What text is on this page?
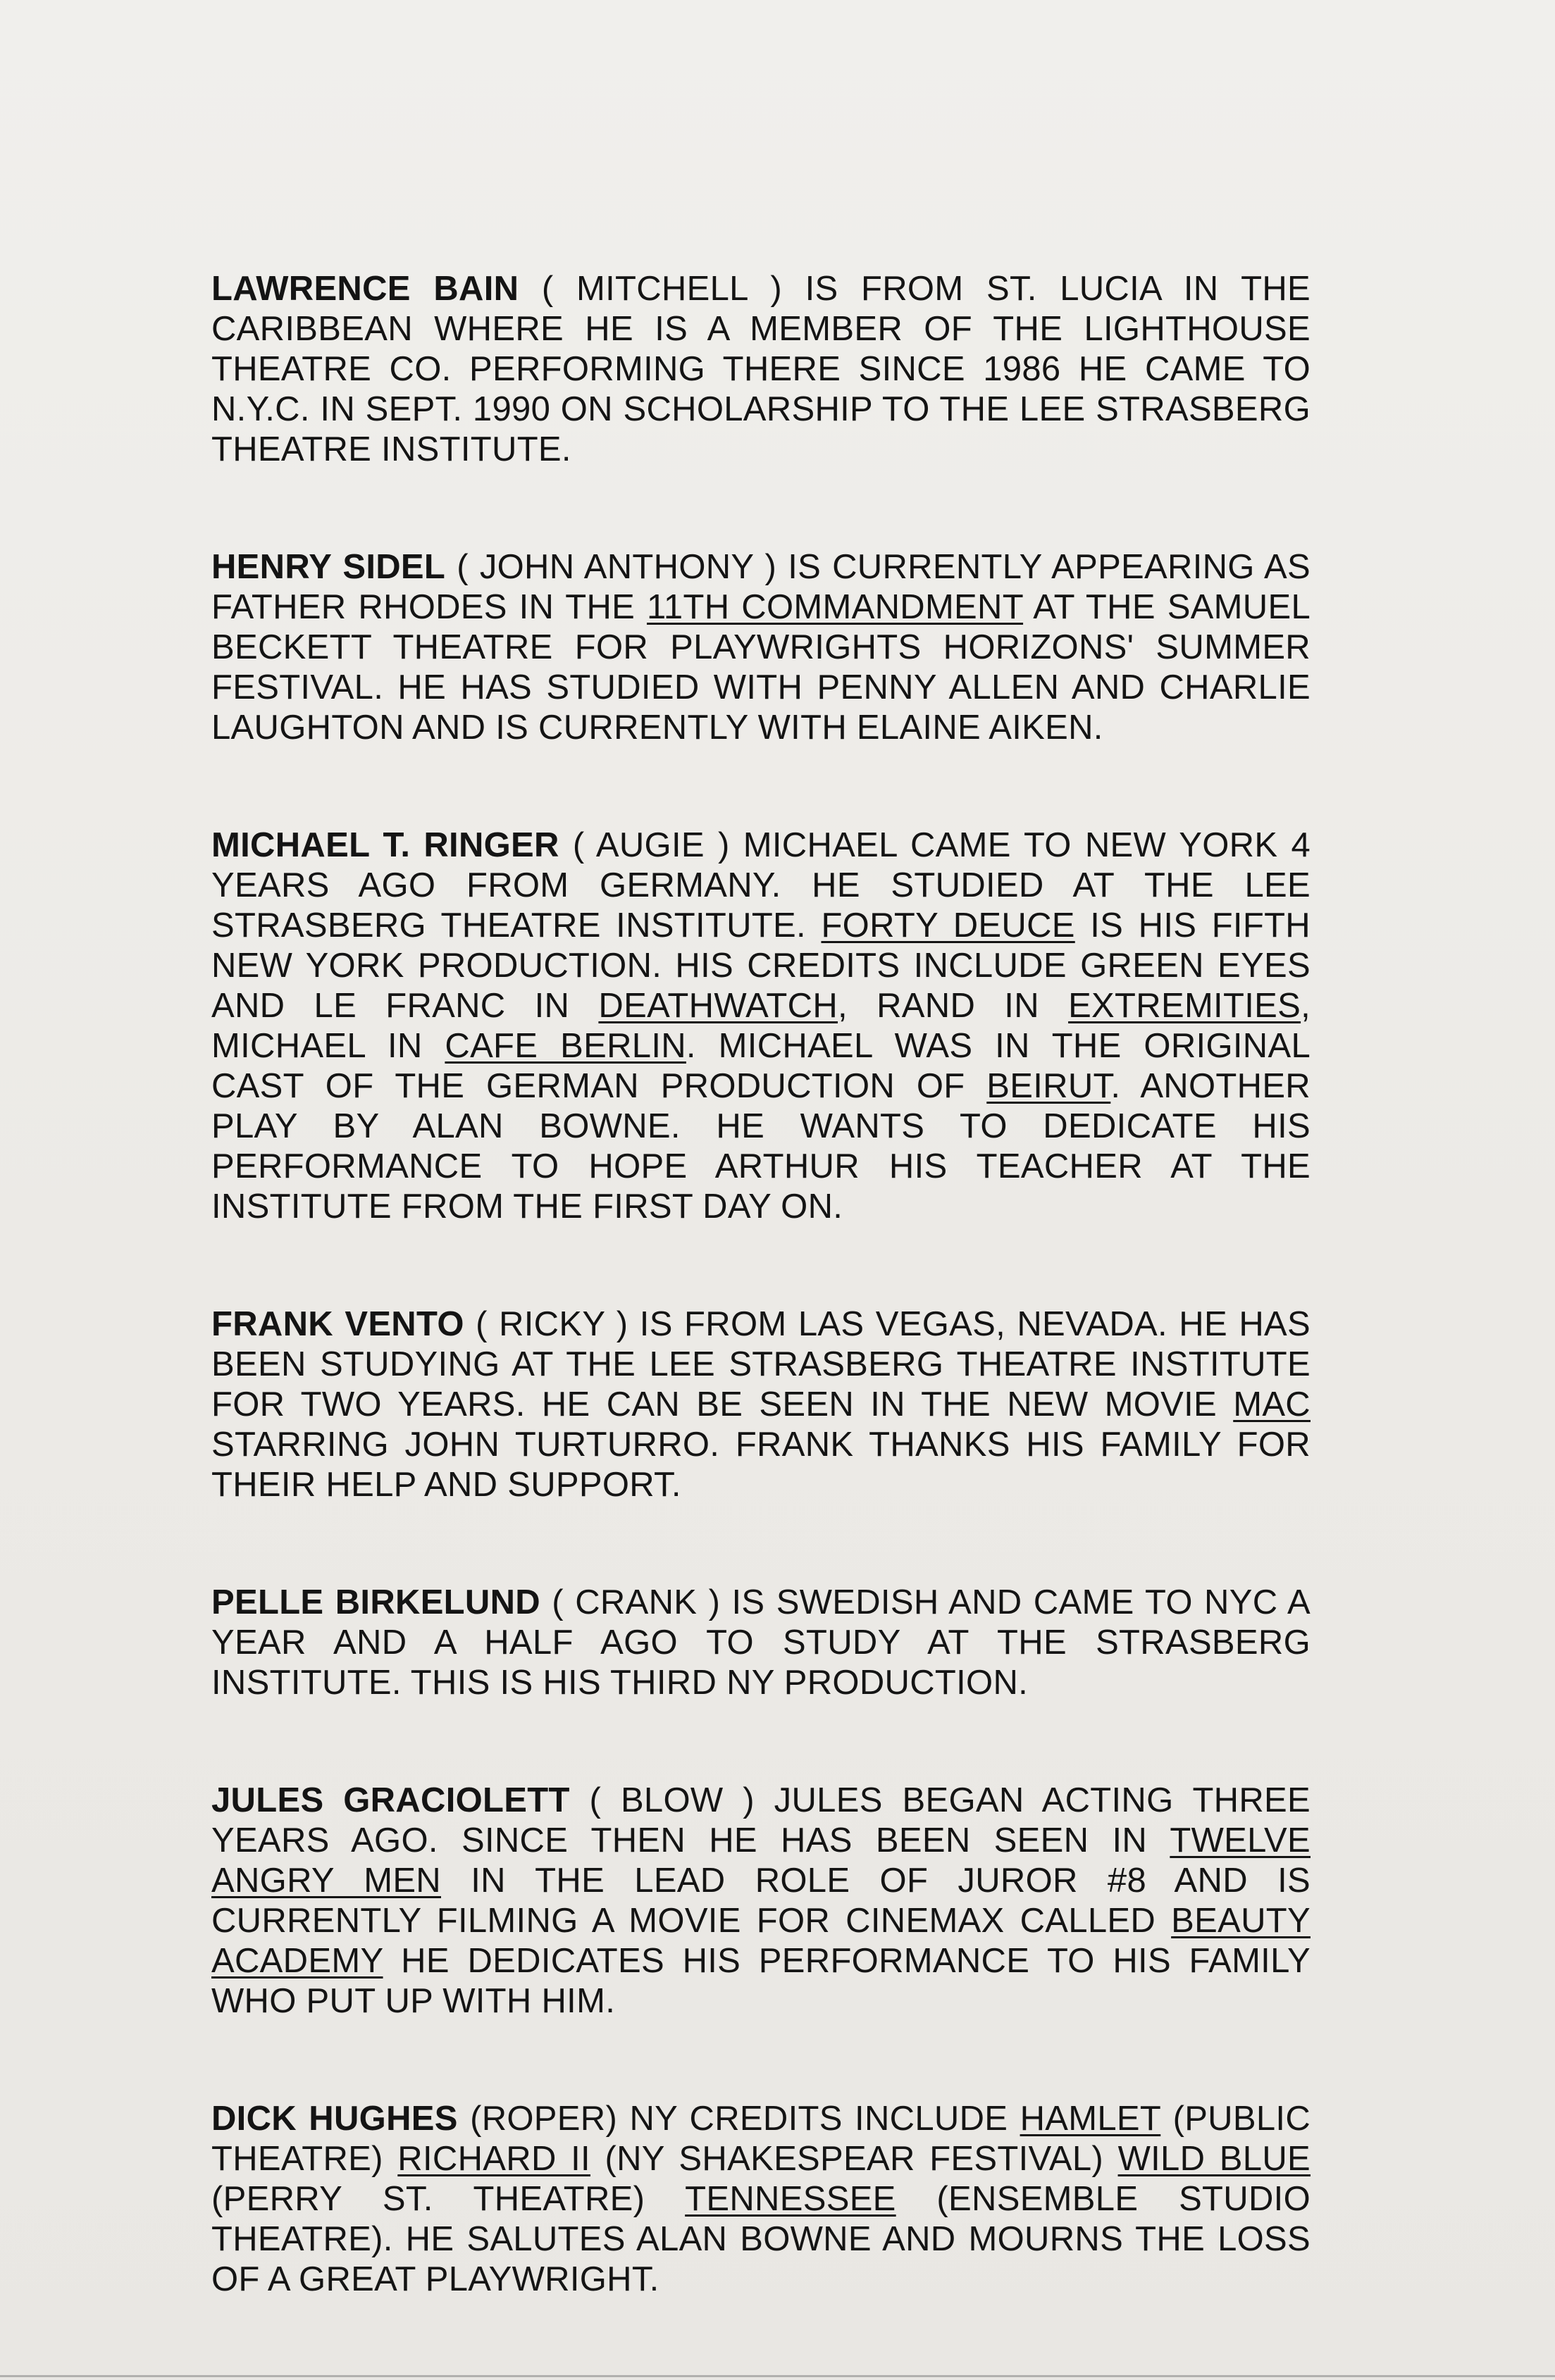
LAWRENCE BAIN ( MITCHELL ) IS FROM ST. LUCIA IN THE CARIBBEAN WHERE HE IS A MEMBER OF THE LIGHTHOUSE THEATRE CO. PERFORMING THERE SINCE 1986 HE CAME TO N.Y.C. IN SEPT. 1990 ON SCHOLARSHIP TO THE LEE STRASBERG THEATRE INSTITUTE.

HENRY SIDEL ( JOHN ANTHONY ) IS CURRENTLY APPEARING AS FATHER RHODES IN THE 11TH COMMANDMENT AT THE SAMUEL BECKETT THEATRE FOR PLAYWRIGHTS HORIZONS' SUMMER FESTIVAL. HE HAS STUDIED WITH PENNY ALLEN AND CHARLIE LAUGHTON AND IS CURRENTLY WITH ELAINE AIKEN.

MICHAEL T. RINGER ( AUGIE ) MICHAEL CAME TO NEW YORK 4 YEARS AGO FROM GERMANY. HE STUDIED AT THE LEE STRASBERG THEATRE INSTITUTE. FORTY DEUCE IS HIS FIFTH NEW YORK PRODUCTION. HIS CREDITS INCLUDE GREEN EYES AND LE FRANC IN DEATHWATCH, RAND IN EXTREMITIES, MICHAEL IN CAFE BERLIN. MICHAEL WAS IN THE ORIGINAL CAST OF THE GERMAN PRODUCTION OF BEIRUT. ANOTHER PLAY BY ALAN BOWNE. HE WANTS TO DEDICATE HIS PERFORMANCE TO HOPE ARTHUR HIS TEACHER AT THE INSTITUTE FROM THE FIRST DAY ON.

FRANK VENTO ( RICKY ) IS FROM LAS VEGAS, NEVADA. HE HAS BEEN STUDYING AT THE LEE STRASBERG THEATRE INSTITUTE FOR TWO YEARS. HE CAN BE SEEN IN THE NEW MOVIE MAC STARRING JOHN TURTURRO. FRANK THANKS HIS FAMILY FOR THEIR HELP AND SUPPORT.

PELLE BIRKELUND ( CRANK ) IS SWEDISH AND CAME TO NYC A YEAR AND A HALF AGO TO STUDY AT THE STRASBERG INSTITUTE. THIS IS HIS THIRD NY PRODUCTION.

JULES GRACIOLETT ( BLOW ) JULES BEGAN ACTING THREE YEARS AGO. SINCE THEN HE HAS BEEN SEEN IN TWELVE ANGRY MEN IN THE LEAD ROLE OF JUROR #8 AND IS CURRENTLY FILMING A MOVIE FOR CINEMAX CALLED BEAUTY ACADEMY HE DEDICATES HIS PERFORMANCE TO HIS FAMILY WHO PUT UP WITH HIM.

DICK HUGHES (ROPER) NY CREDITS INCLUDE HAMLET (PUBLIC THEATRE) RICHARD II (NY SHAKESPEAR FESTIVAL) WILD BLUE (PERRY ST. THEATRE) TENNESSEE (ENSEMBLE STUDIO THEATRE). HE SALUTES ALAN BOWNE AND MOURNS THE LOSS OF A GREAT PLAYWRIGHT.
